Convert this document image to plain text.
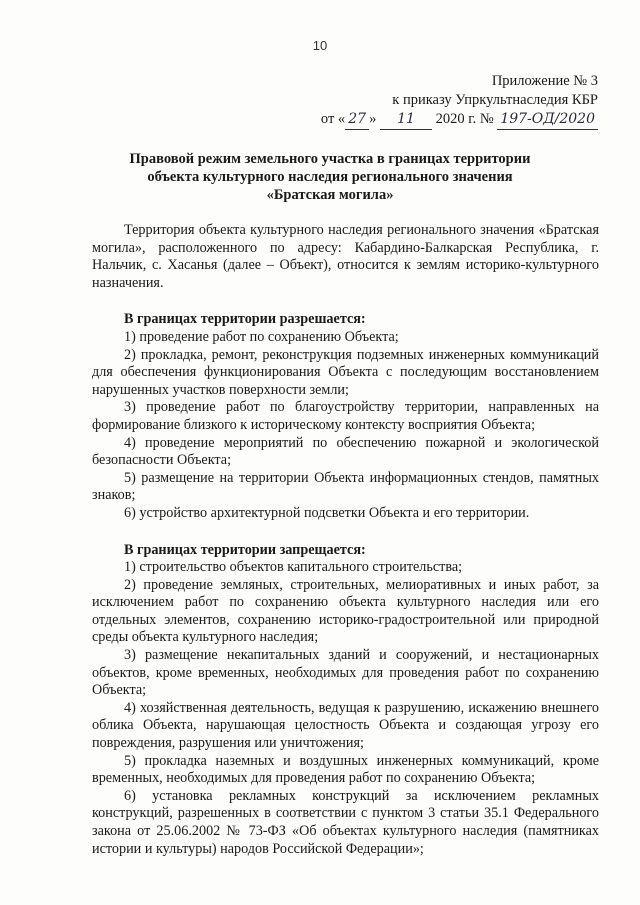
10
Приложение № 3
к приказу Упркультнаследия КБР
от « 27 » 11 2020 г. № 197-ОД/2020
Правовой режим земельного участка в границах территории
объекта культурного наследия регионального значения
«Братская могила»

Территория объекта культурного наследия регионального значения «Братская могила», расположенного по адресу: Кабардино-Балкарская Республика, г. Нальчик, с. Хасанья (далее – Объект), относится к землям историко-культурного назначения.

В границах территории разрешается:

1) проведение работ по сохранению Объекта;

2) прокладка, ремонт, реконструкция подземных инженерных коммуникаций для обеспечения функционирования Объекта с последующим восстановлением нарушенных участков поверхности земли;

3) проведение работ по благоустройству территории, направленных на формирование близкого к историческому контексту восприятия Объекта;

4) проведение мероприятий по обеспечению пожарной и экологической безопасности Объекта;

5) размещение на территории Объекта информационных стендов, памятных знаков;

6) устройство архитектурной подсветки Объекта и его территории.

В границах территории запрещается:

1) строительство объектов капитального строительства;

2) проведение земляных, строительных, мелиоративных и иных работ, за исключением работ по сохранению объекта культурного наследия или его отдельных элементов, сохранению историко-градостроительной или природной среды объекта культурного наследия;

3) размещение некапитальных зданий и сооружений, и нестационарных объектов, кроме временных, необходимых для проведения работ по сохранению Объекта;

4) хозяйственная деятельность, ведущая к разрушению, искажению внешнего облика Объекта, нарушающая целостность Объекта и создающая угрозу его повреждения, разрушения или уничтожения;

5) прокладка наземных и воздушных инженерных коммуникаций, кроме временных, необходимых для проведения работ по сохранению Объекта;

6) установка рекламных конструкций за исключением рекламных конструкций, разрешенных в соответствии с пунктом 3 статьи 35.1 Федерального закона от 25.06.2002 № 73-ФЗ «Об объектах культурного наследия (памятниках истории и культуры) народов Российской Федерации»;
